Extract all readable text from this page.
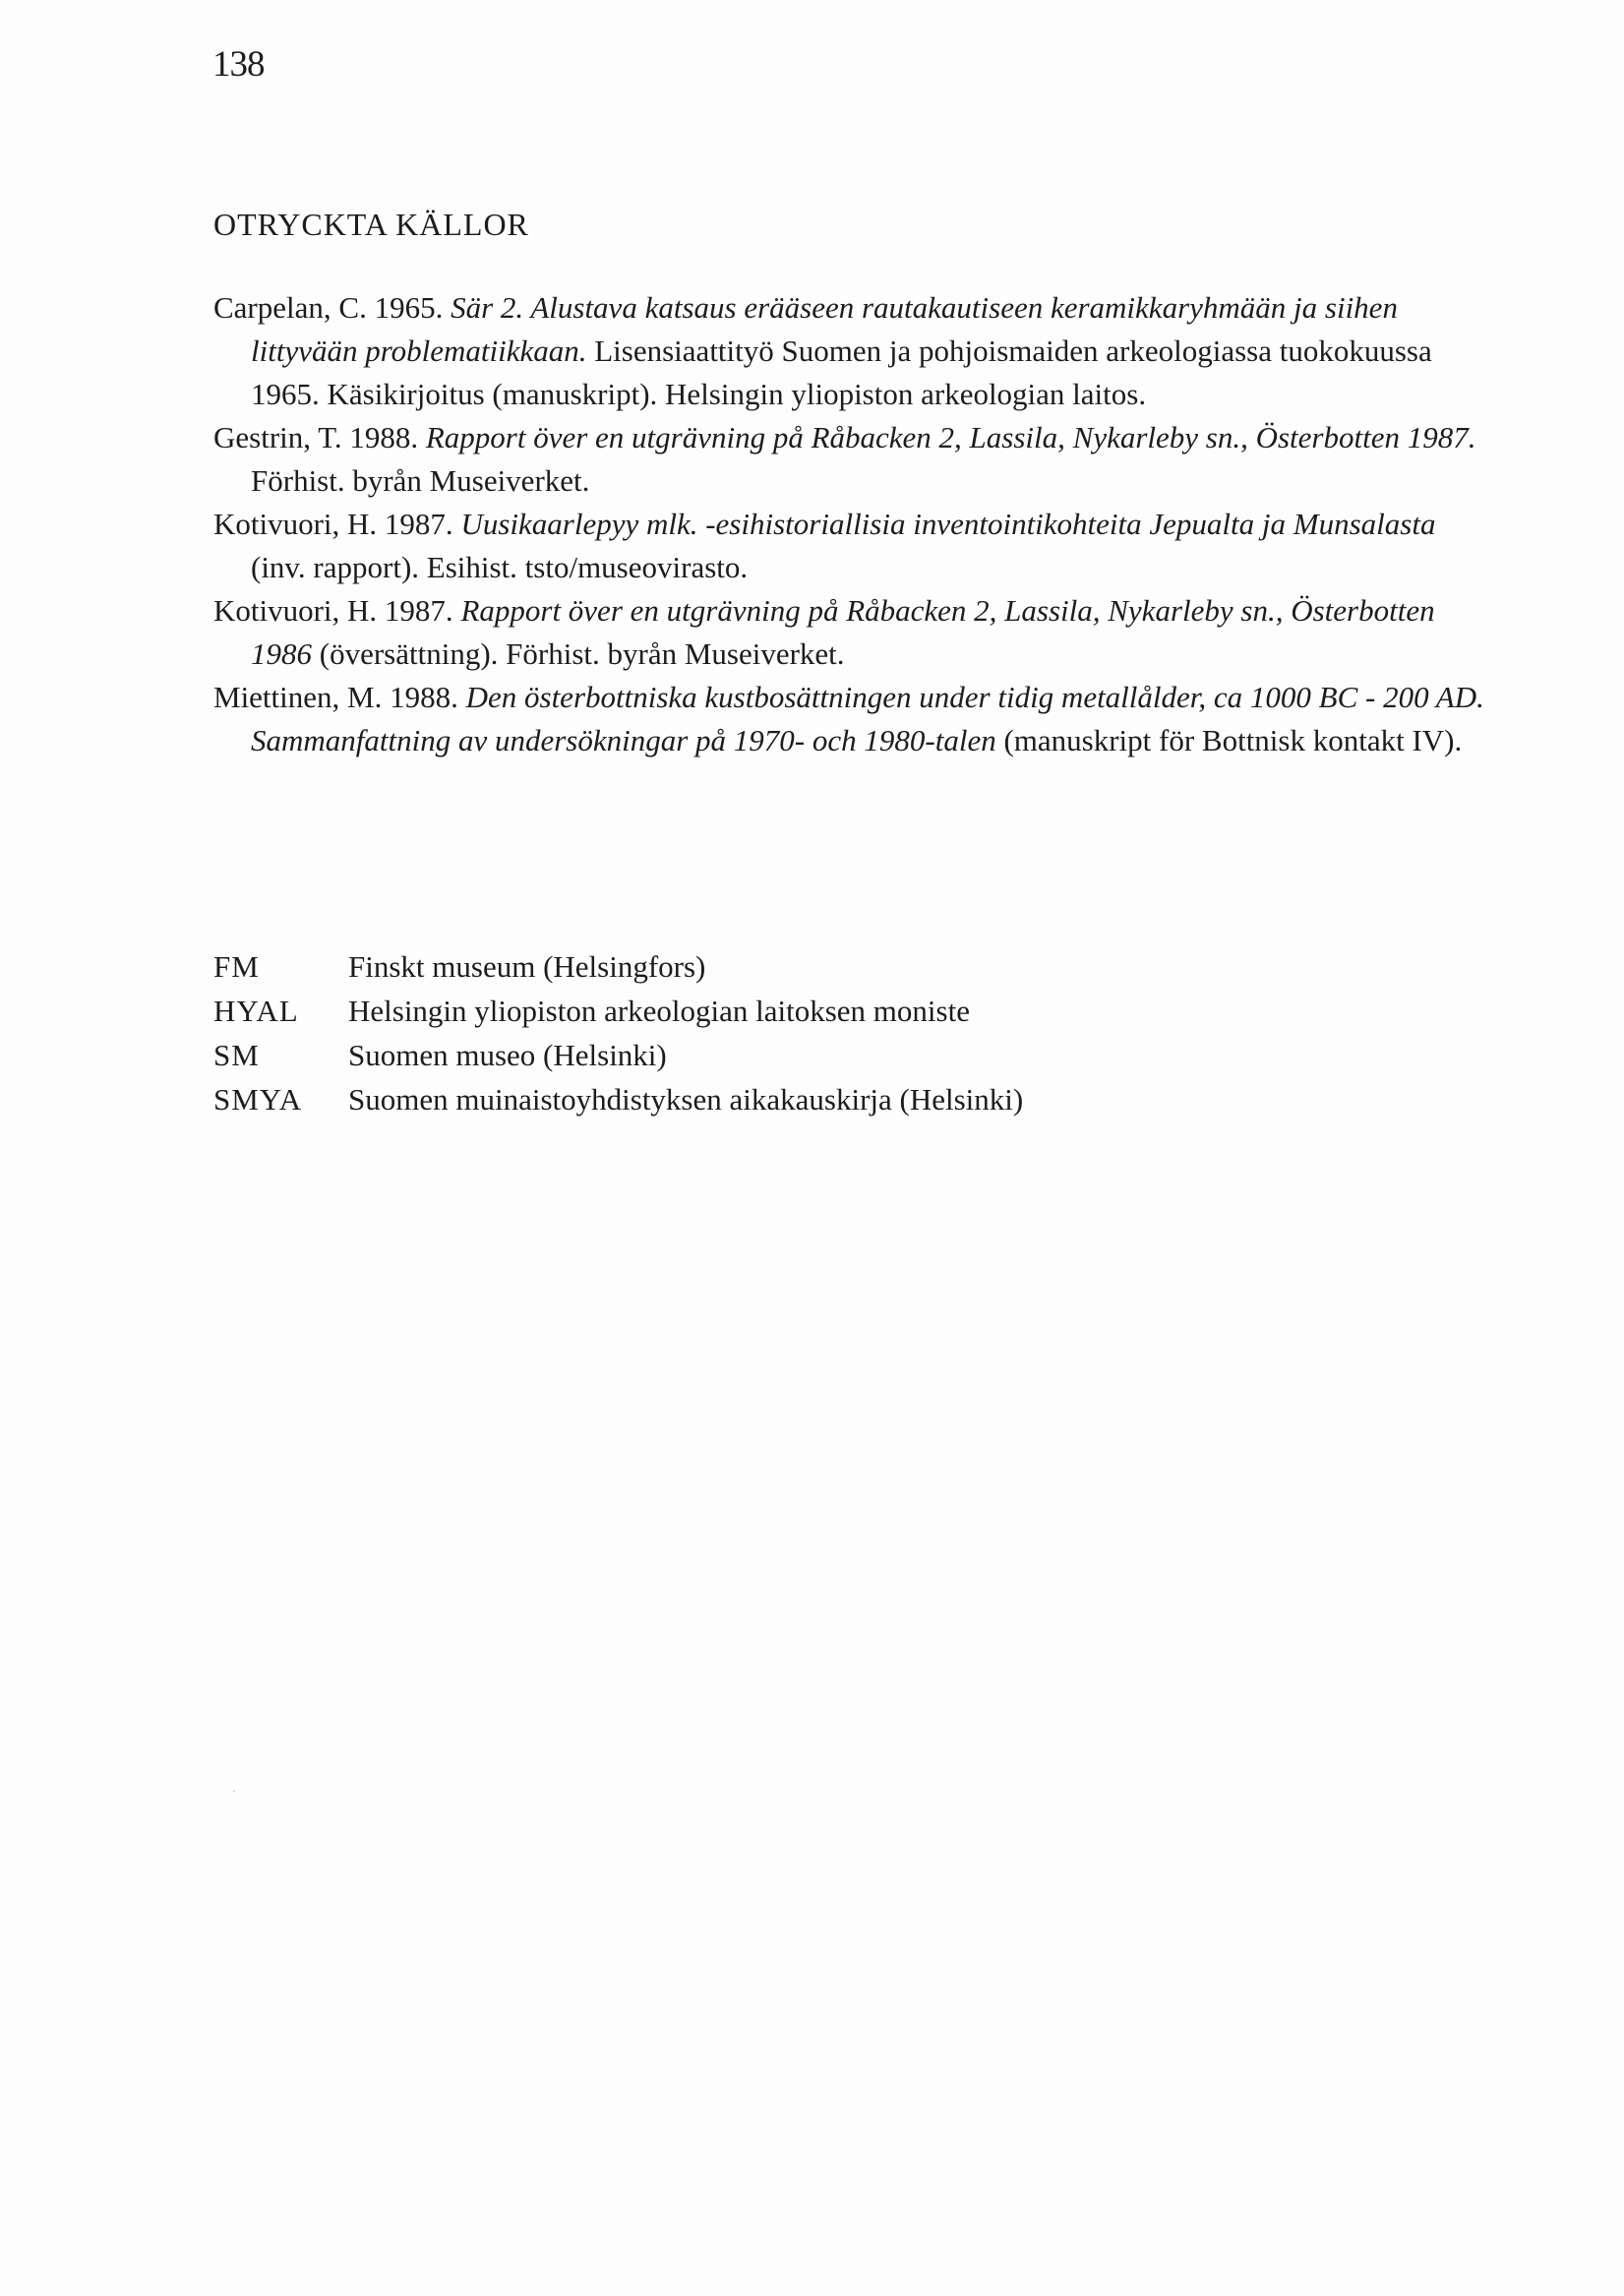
138
OTRYCKTA KÄLLOR

Carpelan, C. 1965. Sär 2. Alustava katsaus erääseen rautakautiseen keramikkaryhmään ja siihen littyvään problematiikkaan. Lisensiaattityö Suomen ja pohjoismaiden arkeologiassa tuokokuussa 1965. Käsikirjoitus (manuskript). Helsingin yliopiston arkeologian laitos.

Gestrin, T. 1988. Rapport över en utgrävning på Råbacken 2, Lassila, Nykarleby sn., Österbotten 1987. Förhist. byrån Museiverket.

Kotivuori, H. 1987. Uusikaarlepyy mlk. -esihistoriallisia inventointikohteita Jepualta ja Munsalasta (inv. rapport). Esihist. tsto/museovirasto.

Kotivuori, H. 1987. Rapport över en utgrävning på Råbacken 2, Lassila, Nykarleby sn., Österbotten 1986 (översättning). Förhist. byrån Museiverket.

Miettinen, M. 1988. Den österbottniska kustbosättningen under tidig metallålder, ca 1000 BC - 200 AD. Sammanfattning av undersökningar på 1970- och 1980-talen (manuskript för Bottnisk kontakt IV).

FM	Finskt museum (Helsingfors)
HYAL	Helsingin yliopiston arkeologian laitoksen moniste
SM	Suomen museo (Helsinki)
SMYA	Suomen muinaistoyhdistyksen aikakauskirja (Helsinki)
